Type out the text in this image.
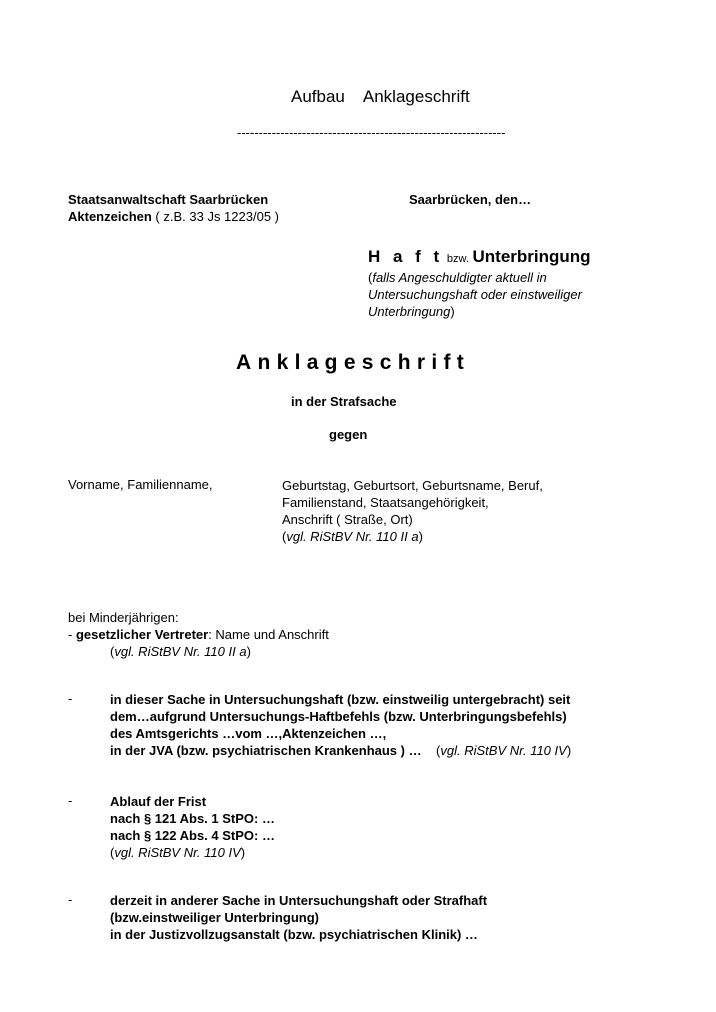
Aufbau Anklageschrift
--------------------------------------------------------------
Staatsanwaltschaft Saarbrücken	Saarbrücken, den…
Aktenzeichen ( z.B. 33 Js 1223/05 )
H a f t bzw. Unterbringung
(falls Angeschuldigter aktuell in
Untersuchungshaft oder einstweiliger
Unterbringung)
Anklageschrift
in der Strafsache
gegen
Vorname, Familienname,	Geburtstag, Geburtsort, Geburtsname, Beruf,
Familienstand, Staatsangehörigkeit,
Anschrift ( Straße, Ort)
(vgl. RiStBV Nr. 110 II a)
bei Minderjährigen:
- gesetzlicher Vertreter: Name und Anschrift
(vgl. RiStBV Nr. 110 II a)
-	in dieser Sache in Untersuchungshaft (bzw. einstweilig untergebracht) seit
dem…aufgrund Untersuchungs-Haftbefehls (bzw. Unterbringungsbefehls)
des Amtsgerichts …vom …,Aktenzeichen …,
in der JVA (bzw. psychiatrischen Krankenhaus ) …    (vgl. RiStBV Nr. 110 IV)
-	Ablauf der Frist
nach § 121 Abs. 1 StPO: …
nach § 122 Abs. 4 StPO: …
(vgl. RiStBV Nr. 110 IV)
-	derzeit in anderer Sache in Untersuchungshaft oder Strafhaft
(bzw.einstweiliger Unterbringung)
in der Justizvollzugsanstalt (bzw. psychiatrischen Klinik) …
